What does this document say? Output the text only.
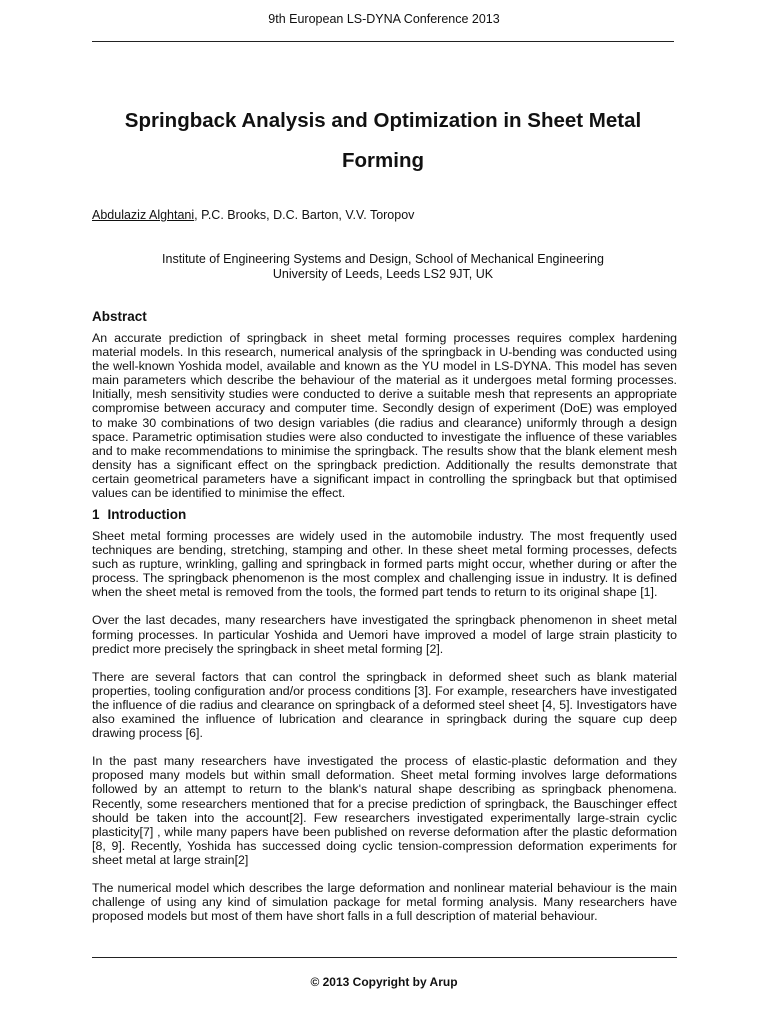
9th European LS-DYNA Conference 2013
Springback Analysis and Optimization in Sheet Metal Forming
Abdulaziz Alghtani, P.C. Brooks, D.C. Barton, V.V. Toropov
Institute of Engineering Systems and Design, School of Mechanical Engineering
University of Leeds, Leeds LS2 9JT, UK
Abstract

An accurate prediction of springback in sheet metal forming processes requires complex hardening material models. In this research, numerical analysis of the springback in U-bending was conducted using the well-known Yoshida model, available and known as the YU model in LS-DYNA. This model has seven main parameters which describe the behaviour of the material as it undergoes metal forming processes. Initially, mesh sensitivity studies were conducted to derive a suitable mesh that represents an appropriate compromise between accuracy and computer time. Secondly design of experiment (DoE) was employed to make 30 combinations of two design variables (die radius and clearance) uniformly through a design space. Parametric optimisation studies were also conducted to investigate the influence of these variables and to make recommendations to minimise the springback. The results show that the blank element mesh density has a significant effect on the springback prediction. Additionally the results demonstrate that certain geometrical parameters have a significant impact in controlling the springback but that optimised values can be identified to minimise the effect.

1 Introduction

Sheet metal forming processes are widely used in the automobile industry. The most frequently used techniques are bending, stretching, stamping and other. In these sheet metal forming processes, defects such as rupture, wrinkling, galling and springback in formed parts might occur, whether during or after the process. The springback phenomenon is the most complex and challenging issue in industry. It is defined when the sheet metal is removed from the tools, the formed part tends to return to its original shape [1].

Over the last decades, many researchers have investigated the springback phenomenon in sheet metal forming processes. In particular Yoshida and Uemori have improved a model of large strain plasticity to predict more precisely the springback in sheet metal forming [2].

There are several factors that can control the springback in deformed sheet such as blank material properties, tooling configuration and/or process conditions [3]. For example, researchers have investigated the influence of die radius and clearance on springback of a deformed steel sheet [4, 5]. Investigators have also examined the influence of lubrication and clearance in springback during the square cup deep drawing process [6].

In the past many researchers have investigated the process of elastic-plastic deformation and they proposed many models but within small deformation. Sheet metal forming involves large deformations followed by an attempt to return to the blank's natural shape describing as springback phenomena. Recently, some researchers mentioned that for a precise prediction of springback, the Bauschinger effect should be taken into the account[2]. Few researchers investigated experimentally large-strain cyclic plasticity[7] , while many papers have been published on reverse deformation after the plastic deformation [8, 9]. Recently, Yoshida has successed doing cyclic tension-compression deformation experiments for sheet metal at large strain[2]

The numerical model which describes the large deformation and nonlinear material behaviour is the main challenge of using any kind of simulation package for metal forming analysis. Many researchers have proposed models but most of them have short falls in a full description of material behaviour.

© 2013 Copyright by Arup
